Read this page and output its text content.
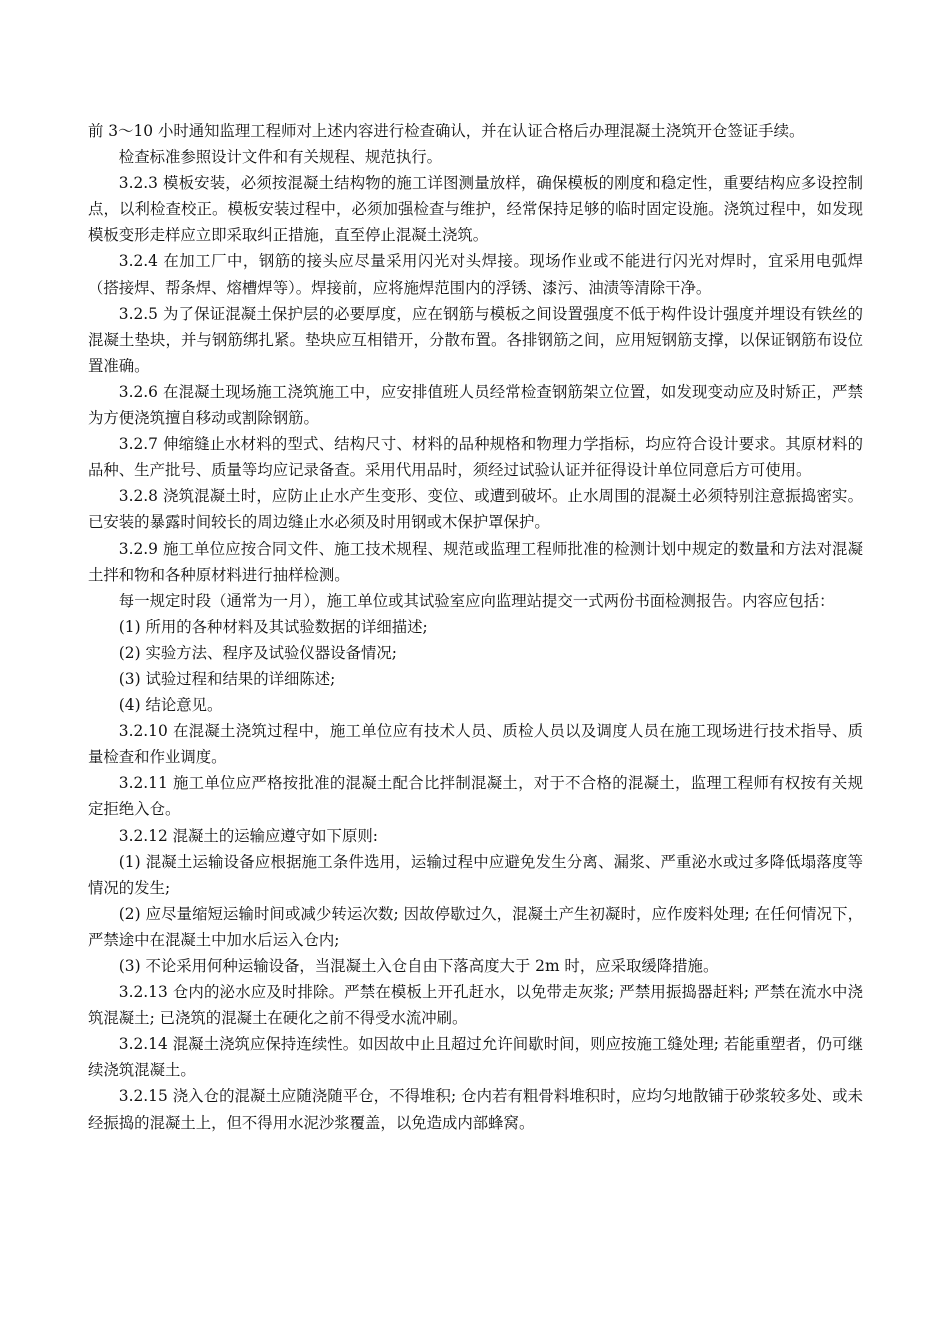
前 3～10 小时通知监理工程师对上述内容进行检查确认，并在认证合格后办理混凝土浇筑开仓签证手续。

检查标准参照设计文件和有关规程、规范执行。

3.2.3 模板安装，必须按混凝土结构物的施工详图测量放样，确保模板的刚度和稳定性，重要结构应多设控制点，以利检查校正。模板安装过程中，必须加强检查与维护，经常保持足够的临时固定设施。浇筑过程中，如发现模板变形走样应立即采取纠正措施，直至停止混凝土浇筑。

3.2.4 在加工厂中，钢筋的接头应尽量采用闪光对头焊接。现场作业或不能进行闪光对焊时，宜采用电弧焊（搭接焊、帮条焊、熔槽焊等）。焊接前，应将施焊范围内的浮锈、漆污、油渍等清除干净。

3.2.5 为了保证混凝土保护层的必要厚度，应在钢筋与模板之间设置强度不低于构件设计强度并埋设有铁丝的混凝土垫块，并与钢筋绑扎紧。垫块应互相错开，分散布置。各排钢筋之间，应用短钢筋支撑，以保证钢筋布设位置准确。

3.2.6 在混凝土现场施工浇筑施工中，应安排值班人员经常检查钢筋架立位置，如发现变动应及时矫正，严禁为方便浇筑擅自移动或割除钢筋。

3.2.7 伸缩缝止水材料的型式、结构尺寸、材料的品种规格和物理力学指标，均应符合设计要求。其原材料的品种、生产批号、质量等均应记录备查。采用代用品时，须经过试验认证并征得设计单位同意后方可使用。

3.2.8 浇筑混凝土时，应防止止水产生变形、变位、或遭到破坏。止水周围的混凝土必须特别注意振捣密实。已安装的暴露时间较长的周边缝止水必须及时用钢或木保护罩保护。

3.2.9 施工单位应按合同文件、施工技术规程、规范或监理工程师批准的检测计划中规定的数量和方法对混凝土拌和物和各种原材料进行抽样检测。

每一规定时段（通常为一月），施工单位或其试验室应向监理站提交一式两份书面检测报告。内容应包括：

(1) 所用的各种材料及其试验数据的详细描述;

(2) 实验方法、程序及试验仪器设备情况;

(3) 试验过程和结果的详细陈述;

(4) 结论意见。

3.2.10 在混凝土浇筑过程中，施工单位应有技术人员、质检人员以及调度人员在施工现场进行技术指导、质量检查和作业调度。

3.2.11 施工单位应严格按批准的混凝土配合比拌制混凝土，对于不合格的混凝土，监理工程师有权按有关规定拒绝入仓。

3.2.12 混凝土的运输应遵守如下原则:

(1) 混凝土运输设备应根据施工条件选用，运输过程中应避免发生分离、漏浆、严重泌水或过多降低塌落度等情况的发生;

(2) 应尽量缩短运输时间或减少转运次数; 因故停歇过久，混凝土产生初凝时，应作废料处理; 在任何情况下，严禁途中在混凝土中加水后运入仓内;

(3) 不论采用何种运输设备，当混凝土入仓自由下落高度大于 2m 时，应采取缓降措施。

3.2.13 仓内的泌水应及时排除。严禁在模板上开孔赶水，以免带走灰浆; 严禁用振捣器赶料; 严禁在流水中浇筑混凝土; 已浇筑的混凝土在硬化之前不得受水流冲刷。

3.2.14 混凝土浇筑应保持连续性。如因故中止且超过允许间歇时间，则应按施工缝处理; 若能重塑者，仍可继续浇筑混凝土。

3.2.15 浇入仓的混凝土应随浇随平仓，不得堆积; 仓内若有粗骨料堆积时，应均匀地散铺于砂浆较多处、或未经振捣的混凝土上，但不得用水泥沙浆覆盖，以免造成内部蜂窝。
